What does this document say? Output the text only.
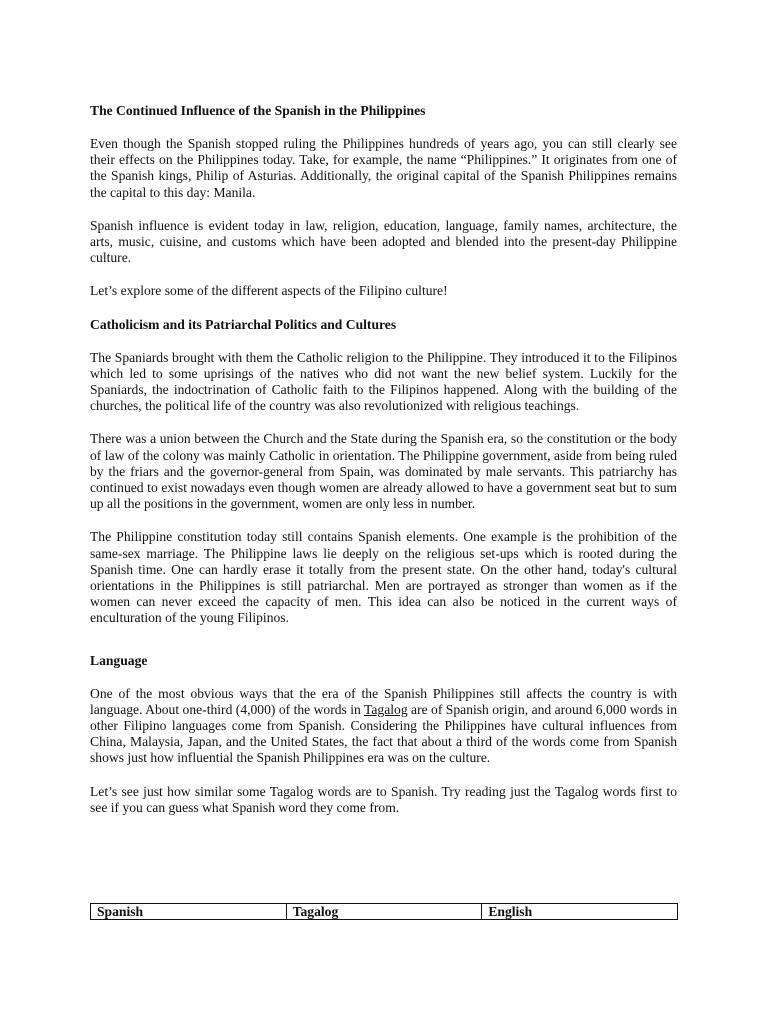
The Continued Influence of the Spanish in the Philippines

Even though the Spanish stopped ruling the Philippines hundreds of years ago, you can still clearly see their effects on the Philippines today. Take, for example, the name “Philippines.” It originates from one of the Spanish kings, Philip of Asturias. Additionally, the original capital of the Spanish Philippines remains the capital to this day: Manila.

Spanish influence is evident today in law, religion, education, language, family names, architecture, the arts, music, cuisine, and customs which have been adopted and blended into the present-day Philippine culture.

Let’s explore some of the different aspects of the Filipino culture!

Catholicism and its Patriarchal Politics and Cultures

The Spaniards brought with them the Catholic religion to the Philippine. They introduced it to the Filipinos which led to some uprisings of the natives who did not want the new belief system. Luckily for the Spaniards, the indoctrination of Catholic faith to the Filipinos happened. Along with the building of the churches, the political life of the country was also revolutionized with religious teachings.

There was a union between the Church and the State during the Spanish era, so the constitution or the body of law of the colony was mainly Catholic in orientation. The Philippine government, aside from being ruled by the friars and the governor-general from Spain, was dominated by male servants. This patriarchy has continued to exist nowadays even though women are already allowed to have a government seat but to sum up all the positions in the government, women are only less in number.

The Philippine constitution today still contains Spanish elements. One example is the prohibition of the same-sex marriage. The Philippine laws lie deeply on the religious set-ups which is rooted during the Spanish time. One can hardly erase it totally from the present state. On the other hand, today's cultural orientations in the Philippines is still patriarchal. Men are portrayed as stronger than women as if the women can never exceed the capacity of men. This idea can also be noticed in the current ways of enculturation of the young Filipinos.

Language

One of the most obvious ways that the era of the Spanish Philippines still affects the country is with language. About one-third (4,000) of the words in Tagalog are of Spanish origin, and around 6,000 words in other Filipino languages come from Spanish. Considering the Philippines have cultural influences from China, Malaysia, Japan, and the United States, the fact that about a third of the words come from Spanish shows just how influential the Spanish Philippines era was on the culture.

Let’s see just how similar some Tagalog words are to Spanish. Try reading just the Tagalog words first to see if you can guess what Spanish word they come from.

Spanish	Tagalog	English
